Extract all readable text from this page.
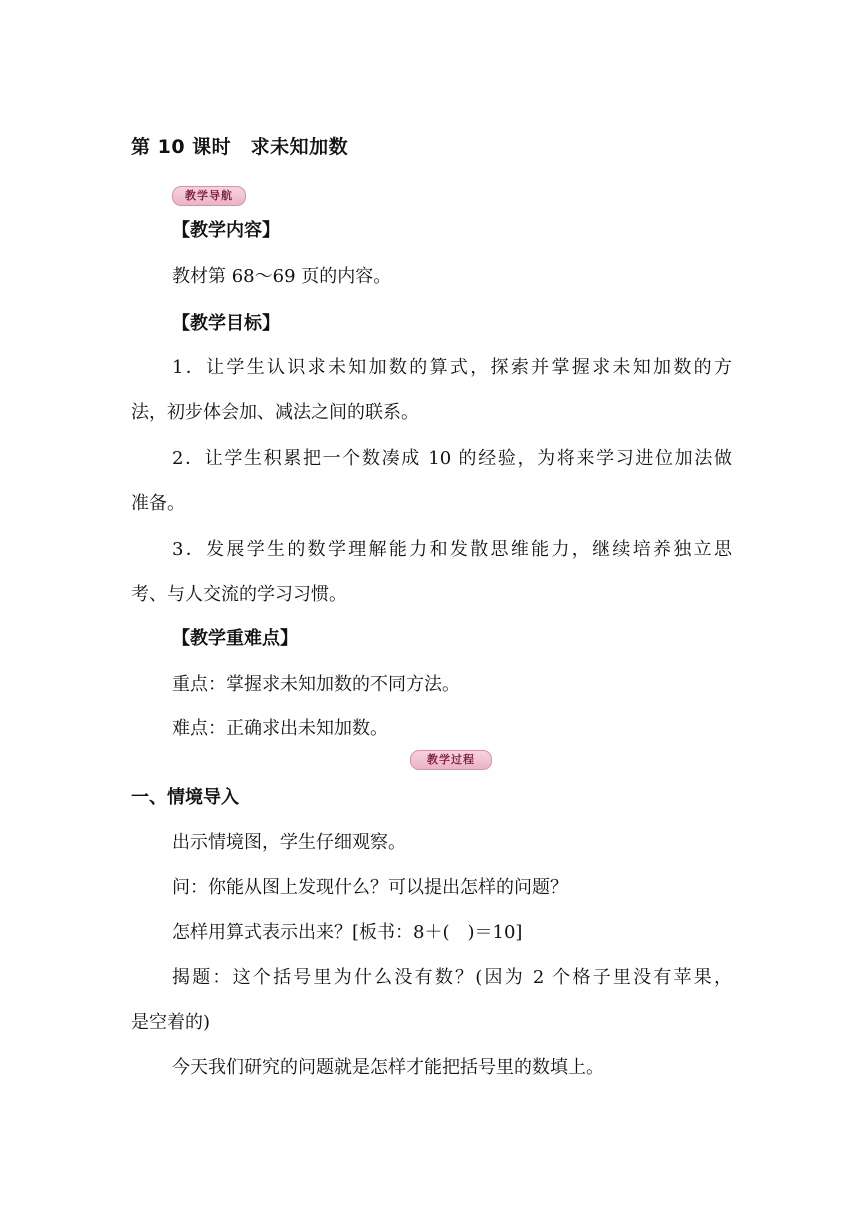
第 10 课时　求未知加数
教学导航
【教学内容】
教材第 68～69 页的内容。
【教学目标】
1．让学生认识求未知加数的算式，探索并掌握求未知加数的方
法，初步体会加、减法之间的联系。
2．让学生积累把一个数凑成 10 的经验，为将来学习进位加法做
准备。
3．发展学生的数学理解能力和发散思维能力，继续培养独立思
考、与人交流的学习习惯。
【教学重难点】
重点：掌握求未知加数的不同方法。
难点：正确求出未知加数。
教学过程
一、情境导入
出示情境图，学生仔细观察。
问：你能从图上发现什么？可以提出怎样的问题？
怎样用算式表示出来？[板书：8＋(　)＝10]
揭题：这个括号里为什么没有数？(因为 2 个格子里没有苹果，
是空着的)
今天我们研究的问题就是怎样才能把括号里的数填上。
